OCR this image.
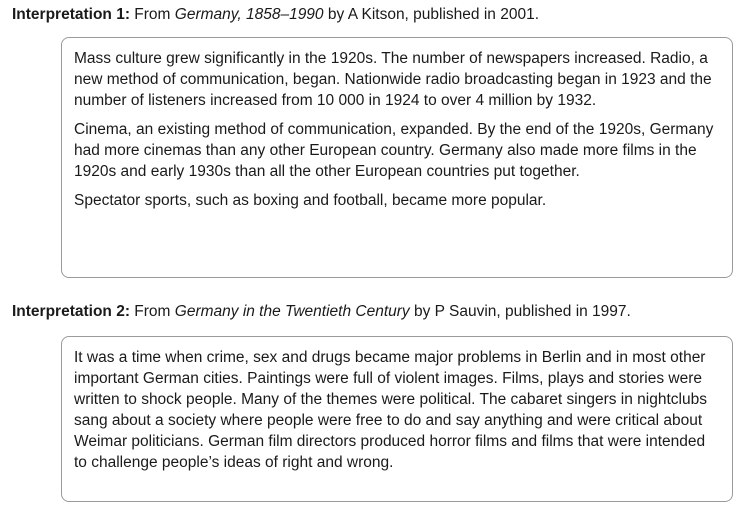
Interpretation 1: From Germany, 1858–1990 by A Kitson, published in 2001.

Mass culture grew significantly in the 1920s. The number of newspapers increased. Radio, a new method of communication, began. Nationwide radio broadcasting began in 1923 and the number of listeners increased from 10 000 in 1924 to over 4 million by 1932.

Cinema, an existing method of communication, expanded. By the end of the 1920s, Germany had more cinemas than any other European country. Germany also made more films in the 1920s and early 1930s than all the other European countries put together.

Spectator sports, such as boxing and football, became more popular.

Interpretation 2: From Germany in the Twentieth Century by P Sauvin, published in 1997.

It was a time when crime, sex and drugs became major problems in Berlin and in most other important German cities. Paintings were full of violent images. Films, plays and stories were written to shock people. Many of the themes were political. The cabaret singers in nightclubs sang about a society where people were free to do and say anything and were critical about Weimar politicians. German film directors produced horror films and films that were intended to challenge people’s ideas of right and wrong.
